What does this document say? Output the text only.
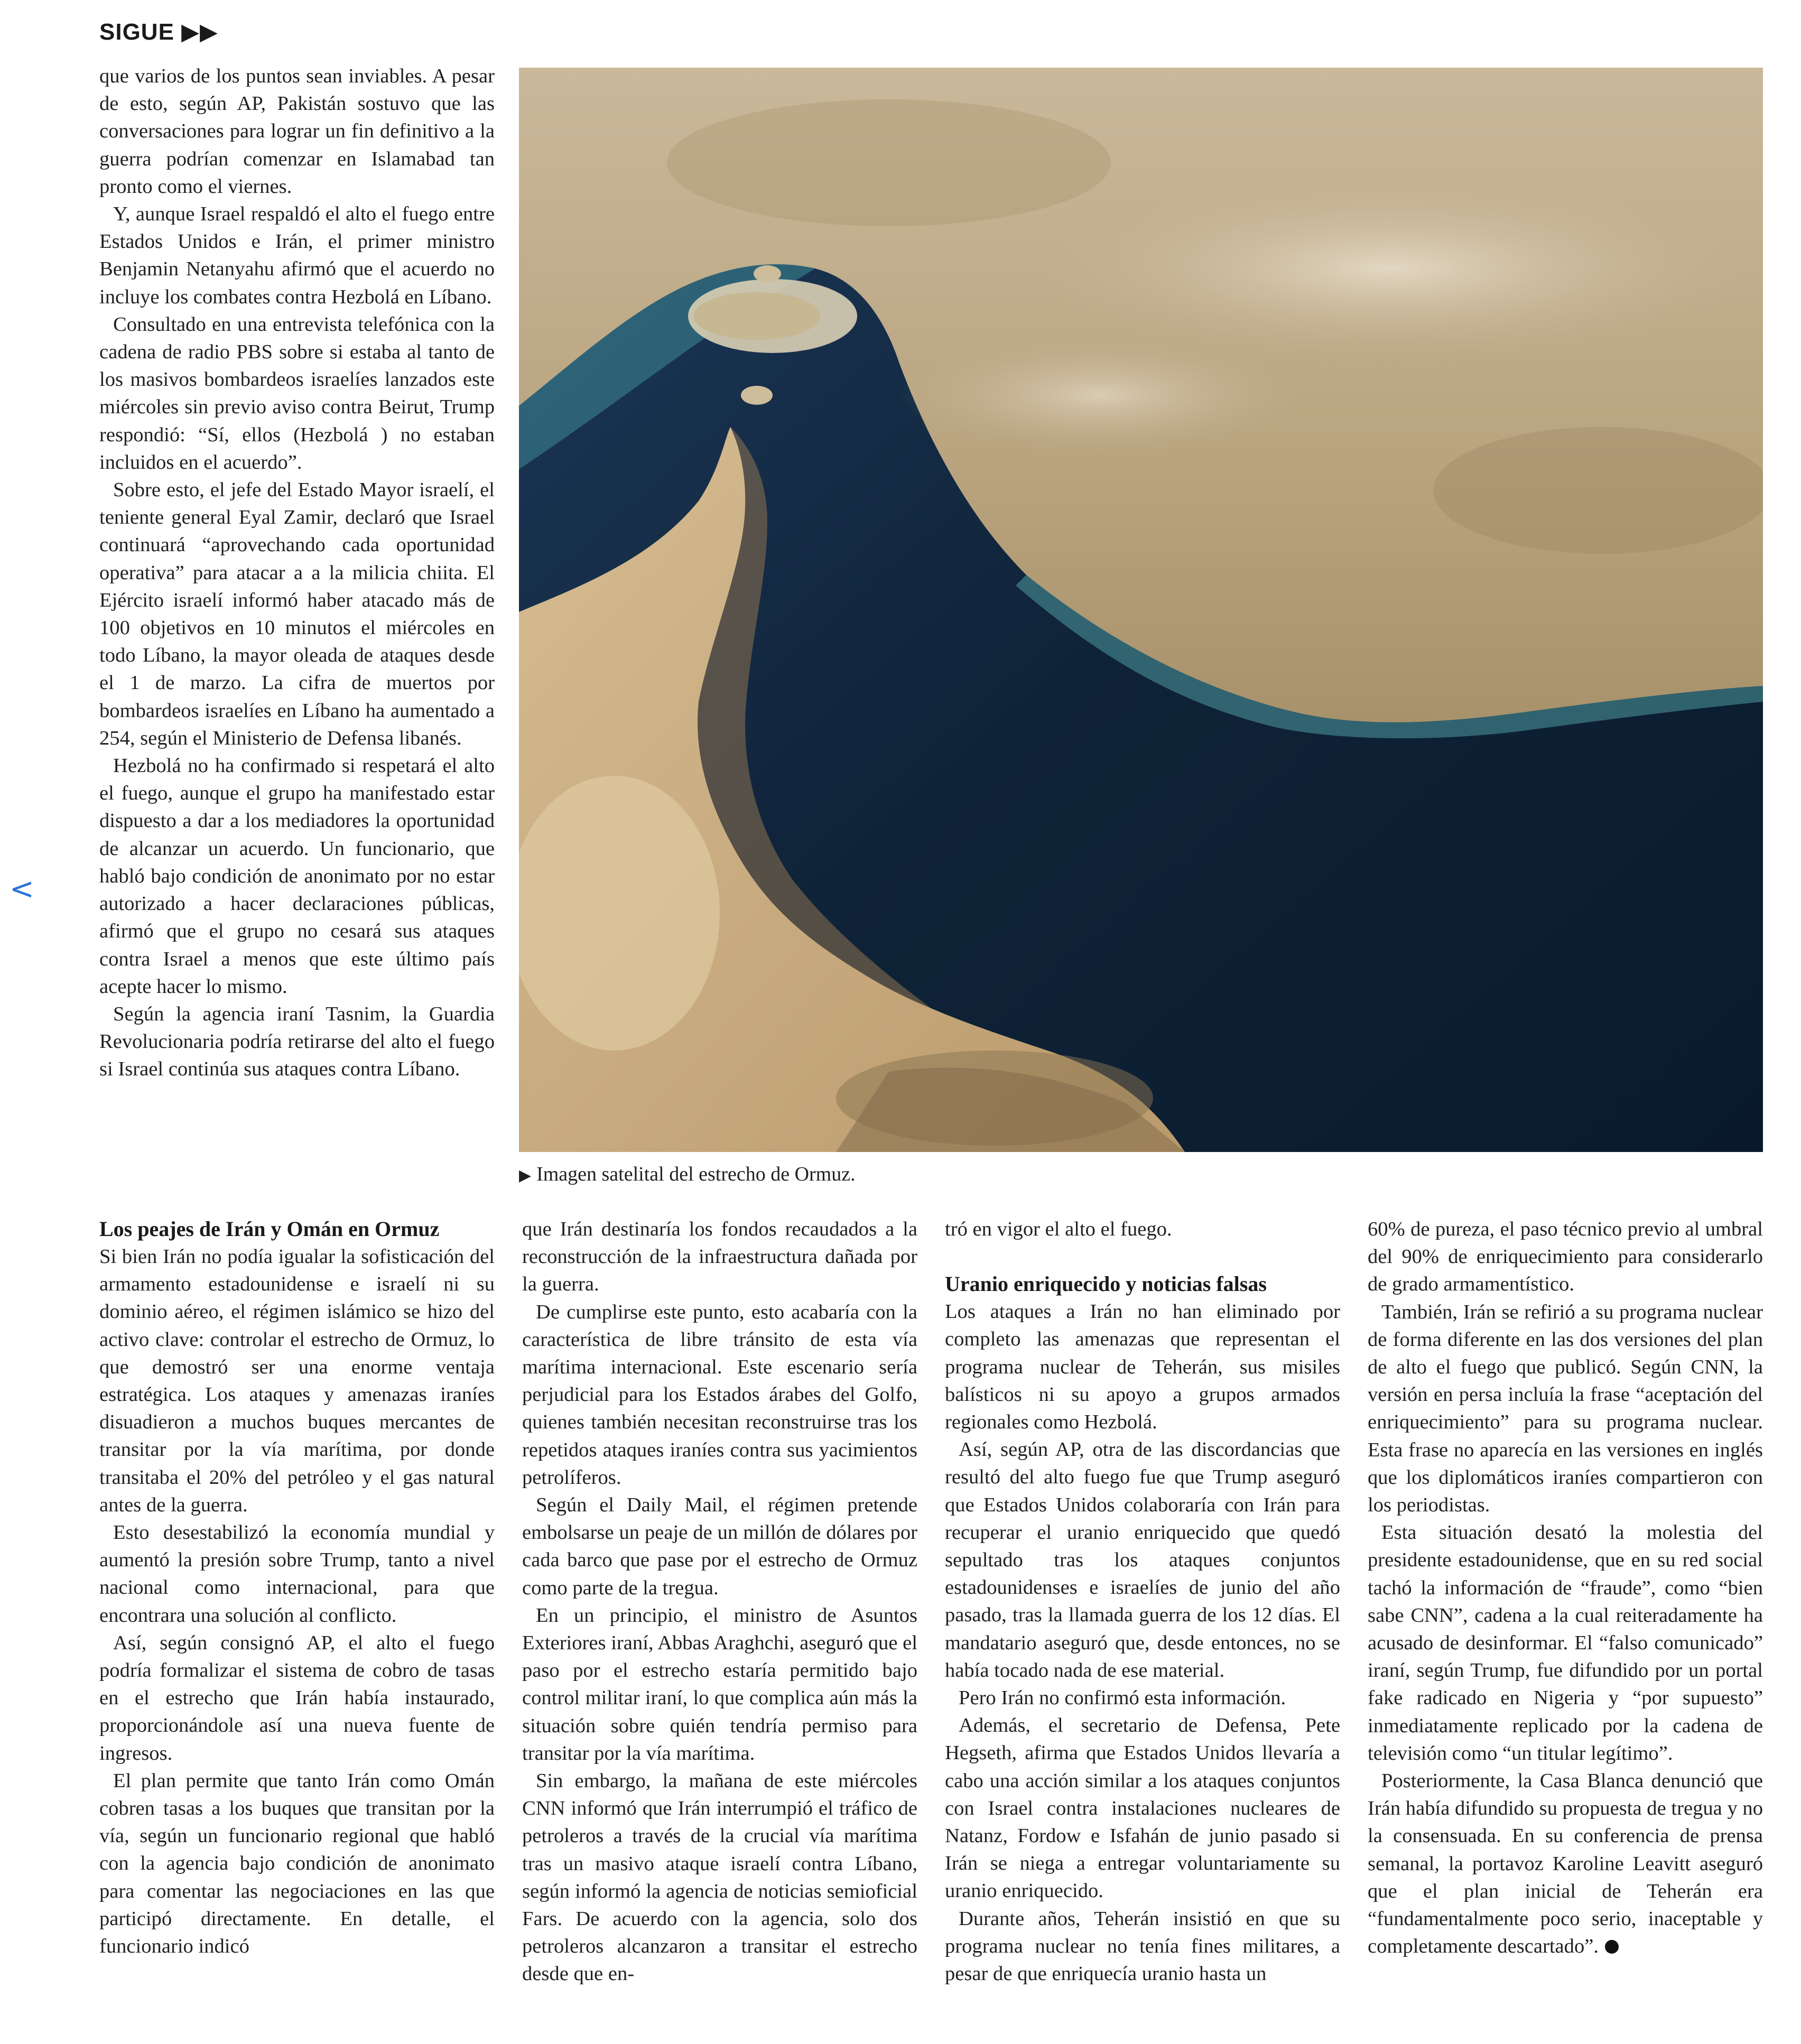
SIGUE ▶▶
<

que varios de los puntos sean inviables. A pesar de esto, según AP, Pakistán sostuvo que las conversaciones para lograr un fin definitivo a la guerra podrían comenzar en Islamabad tan pronto como el viernes.

Y, aunque Israel respaldó el alto el fuego entre Estados Unidos e Irán, el primer ministro Benjamin Netanyahu afirmó que el acuerdo no incluye los combates contra Hezbolá en Líbano.

Consultado en una entrevista telefónica con la cadena de radio PBS sobre si estaba al tanto de los masivos bombardeos israelíes lanzados este miércoles sin previo aviso contra Beirut, Trump respondió: “Sí, ellos (Hezbolá ) no estaban incluidos en el acuerdo”.

Sobre esto, el jefe del Estado Mayor israelí, el teniente general Eyal Zamir, declaró que Israel continuará “aprovechando cada oportunidad operativa” para atacar a a la milicia chiita. El Ejército israelí informó haber atacado más de 100 objetivos en 10 minutos el miércoles en todo Líbano, la mayor oleada de ataques desde el 1 de marzo. La cifra de muertos por bombardeos israelíes en Líbano ha aumentado a 254, según el Ministerio de Defensa libanés.

Hezbolá no ha confirmado si respetará el alto el fuego, aunque el grupo ha manifestado estar dispuesto a dar a los mediadores la oportunidad de alcanzar un acuerdo. Un funcionario, que habló bajo condición de anonimato por no estar autorizado a hacer declaraciones públicas, afirmó que el grupo no cesará sus ataques contra Israel a menos que este último país acepte hacer lo mismo.

Según la agencia iraní Tasnim, la Guardia Revolucionaria podría retirarse del alto el fuego si Israel continúa sus ataques contra Líbano.

▶ Imagen satelital del estrecho de Ormuz.
Los peajes de Irán y Omán en Ormuz

Si bien Irán no podía igualar la sofisticación del armamento estadounidense e israelí ni su dominio aéreo, el régimen islámico se hizo del activo clave: controlar el estrecho de Ormuz, lo que demostró ser una enorme ventaja estratégica. Los ataques y amenazas iraníes disuadieron a muchos buques mercantes de transitar por la vía marítima, por donde transitaba el 20% del petróleo y el gas natural antes de la guerra.

Esto desestabilizó la economía mundial y aumentó la presión sobre Trump, tanto a nivel nacional como internacional, para que encontrara una solución al conflicto.

Así, según consignó AP, el alto el fuego podría formalizar el sistema de cobro de tasas en el estrecho que Irán había instaurado, proporcionándole así una nueva fuente de ingresos.

El plan permite que tanto Irán como Omán cobren tasas a los buques que transitan por la vía, según un funcionario regional que habló con la agencia bajo condición de anonimato para comentar las negociaciones en las que participó directamente. En detalle, el funcionario indicó

que Irán destinaría los fondos recaudados a la reconstrucción de la infraestructura dañada por la guerra.

De cumplirse este punto, esto acabaría con la característica de libre tránsito de esta vía marítima internacional. Este escenario sería perjudicial para los Estados árabes del Golfo, quienes también necesitan reconstruirse tras los repetidos ataques iraníes contra sus yacimientos petrolíferos.

Según el Daily Mail, el régimen pretende embolsarse un peaje de un millón de dólares por cada barco que pase por el estrecho de Ormuz como parte de la tregua.

En un principio, el ministro de Asuntos Exteriores iraní, Abbas Araghchi, aseguró que el paso por el estrecho estaría permitido bajo control militar iraní, lo que complica aún más la situación sobre quién tendría permiso para transitar por la vía marítima.

Sin embargo, la mañana de este miércoles CNN informó que Irán interrumpió el tráfico de petroleros a través de la crucial vía marítima tras un masivo ataque israelí contra Líbano, según informó la agencia de noticias semioficial Fars. De acuerdo con la agencia, solo dos petroleros alcanzaron a transitar el estrecho desde que en-

tró en vigor el alto el fuego.

Uranio enriquecido y noticias falsas

Los ataques a Irán no han eliminado por completo las amenazas que representan el programa nuclear de Teherán, sus misiles balísticos ni su apoyo a grupos armados regionales como Hezbolá.

Así, según AP, otra de las discordancias que resultó del alto fuego fue que Trump aseguró que Estados Unidos colaboraría con Irán para recuperar el uranio enriquecido que quedó sepultado tras los ataques conjuntos estadounidenses e israelíes de junio del año pasado, tras la llamada guerra de los 12 días. El mandatario aseguró que, desde entonces, no se había tocado nada de ese material.

Pero Irán no confirmó esta información.

Además, el secretario de Defensa, Pete Hegseth, afirma que Estados Unidos llevaría a cabo una acción similar a los ataques conjuntos con Israel contra instalaciones nucleares de Natanz, Fordow e Isfahán de junio pasado si Irán se niega a entregar voluntariamente su uranio enriquecido.

Durante años, Teherán insistió en que su programa nuclear no tenía fines militares, a pesar de que enriquecía uranio hasta un

60% de pureza, el paso técnico previo al umbral del 90% de enriquecimiento para considerarlo de grado armamentístico.

También, Irán se refirió a su programa nuclear de forma diferente en las dos versiones del plan de alto el fuego que publicó. Según CNN, la versión en persa incluía la frase “aceptación del enriquecimiento” para su programa nuclear. Esta frase no aparecía en las versiones en inglés que los diplomáticos iraníes compartieron con los periodistas.

Esta situación desató la molestia del presidente estadounidense, que en su red social tachó la información de “fraude”, como “bien sabe CNN”, cadena a la cual reiteradamente ha acusado de desinformar. El “falso comunicado” iraní, según Trump, fue difundido por un portal fake radicado en Nigeria y “por supuesto” inmediatamente replicado por la cadena de televisión como “un titular legítimo”.

Posteriormente, la Casa Blanca denunció que Irán había difundido su propuesta de tregua y no la consensuada. En su conferencia de prensa semanal, la portavoz Karoline Leavitt aseguró que el plan inicial de Teherán era “fundamentalmente poco serio, inaceptable y completamente descartado”.
